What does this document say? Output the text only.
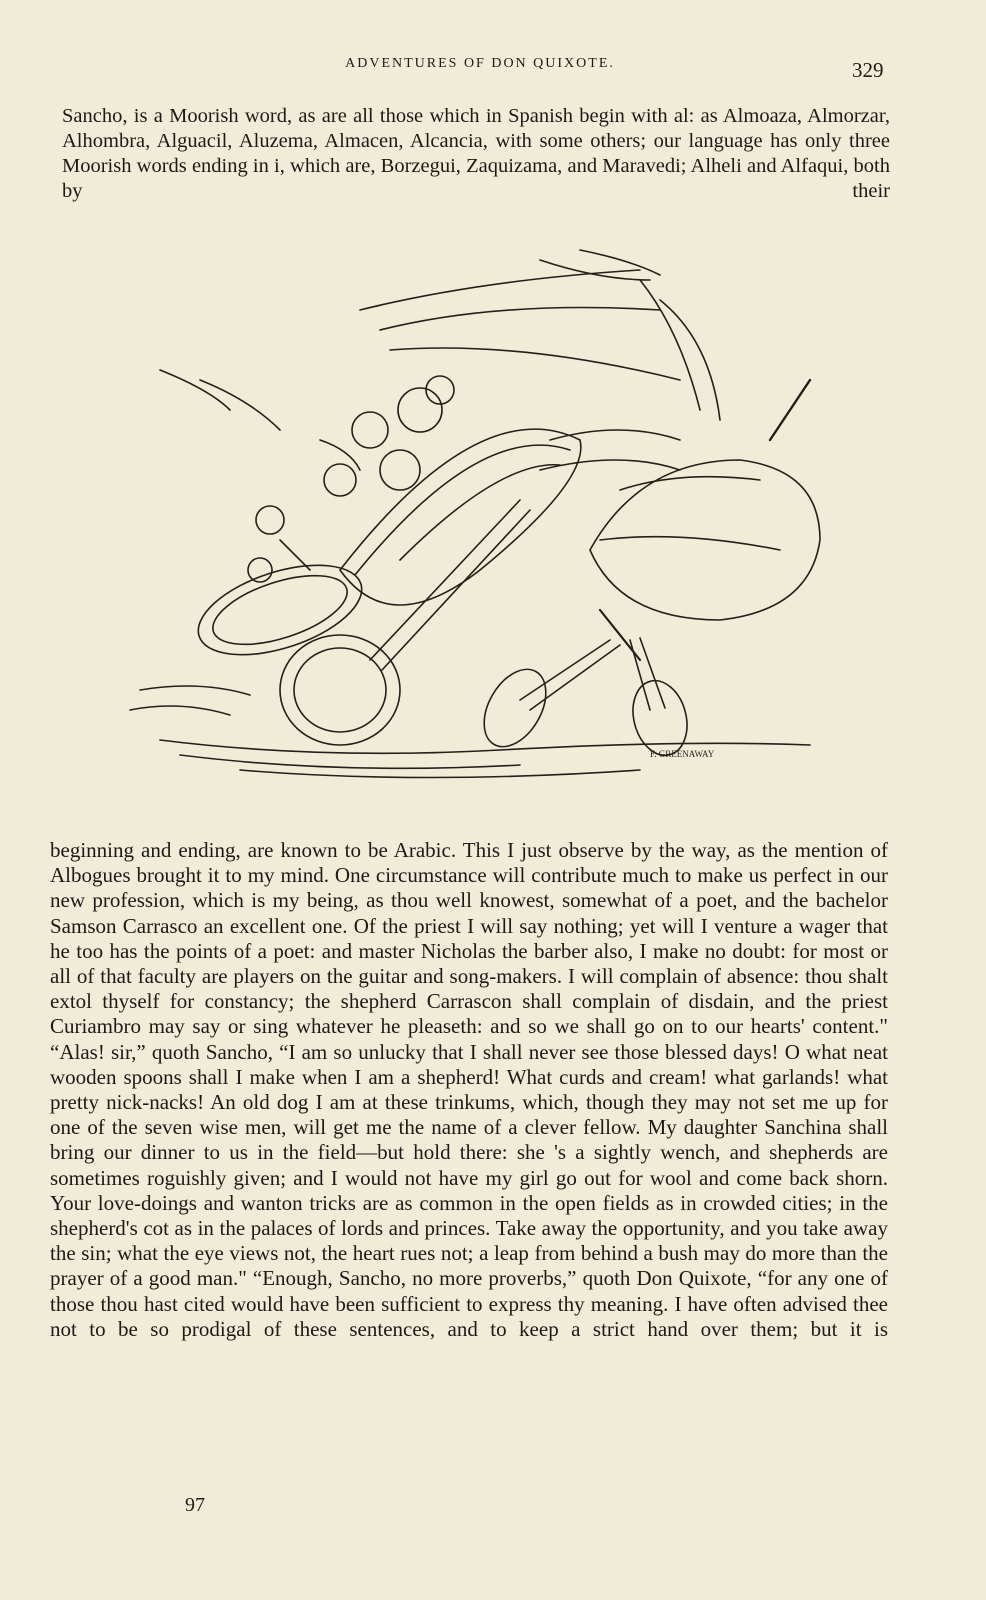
ADVENTURES OF DON QUIXOTE.	329

Sancho, is a Moorish word, as are all those which in Spanish begin with al: as Almoaza, Almorzar, Alhombra, Alguacil, Aluzema, Almacen, Alcancia, with some others; our language has only three Moorish words ending in i, which are, Borzegui, Zaquizama, and Maravedi; Alheli and Alfaqui, both by their

F. GREENAWAY

beginning and ending, are known to be Arabic. This I just observe by the way, as the mention of Albogues brought it to my mind. One circumstance will contribute much to make us perfect in our new profession, which is my being, as thou well knowest, somewhat of a poet, and the bachelor Samson Carrasco an excellent one. Of the priest I will say nothing; yet will I venture a wager that he too has the points of a poet: and master Nicholas the barber also, I make no doubt: for most or all of that faculty are players on the guitar and song-makers. I will complain of absence: thou shalt extol thyself for constancy; the shepherd Carrascon shall complain of disdain, and the priest Curiambro may say or sing whatever he pleaseth: and so we shall go on to our hearts' content." “Alas! sir,” quoth Sancho, “I am so unlucky that I shall never see those blessed days! O what neat wooden spoons shall I make when I am a shepherd! What curds and cream! what garlands! what pretty nick-nacks! An old dog I am at these trinkums, which, though they may not set me up for one of the seven wise men, will get me the name of a clever fellow. My daughter Sanchina shall bring our dinner to us in the field—but hold there: she 's a sightly wench, and shepherds are sometimes roguishly given; and I would not have my girl go out for wool and come back shorn. Your love-doings and wanton tricks are as common in the open fields as in crowded cities; in the shepherd's cot as in the palaces of lords and princes. Take away the opportunity, and you take away the sin; what the eye views not, the heart rues not; a leap from behind a bush may do more than the prayer of a good man." “Enough, Sancho, no more proverbs,” quoth Don Quixote, “for any one of those thou hast cited would have been sufficient to express thy meaning. I have often advised thee not to be so prodigal of these sentences, and to keep a strict hand over them; but it is

97
